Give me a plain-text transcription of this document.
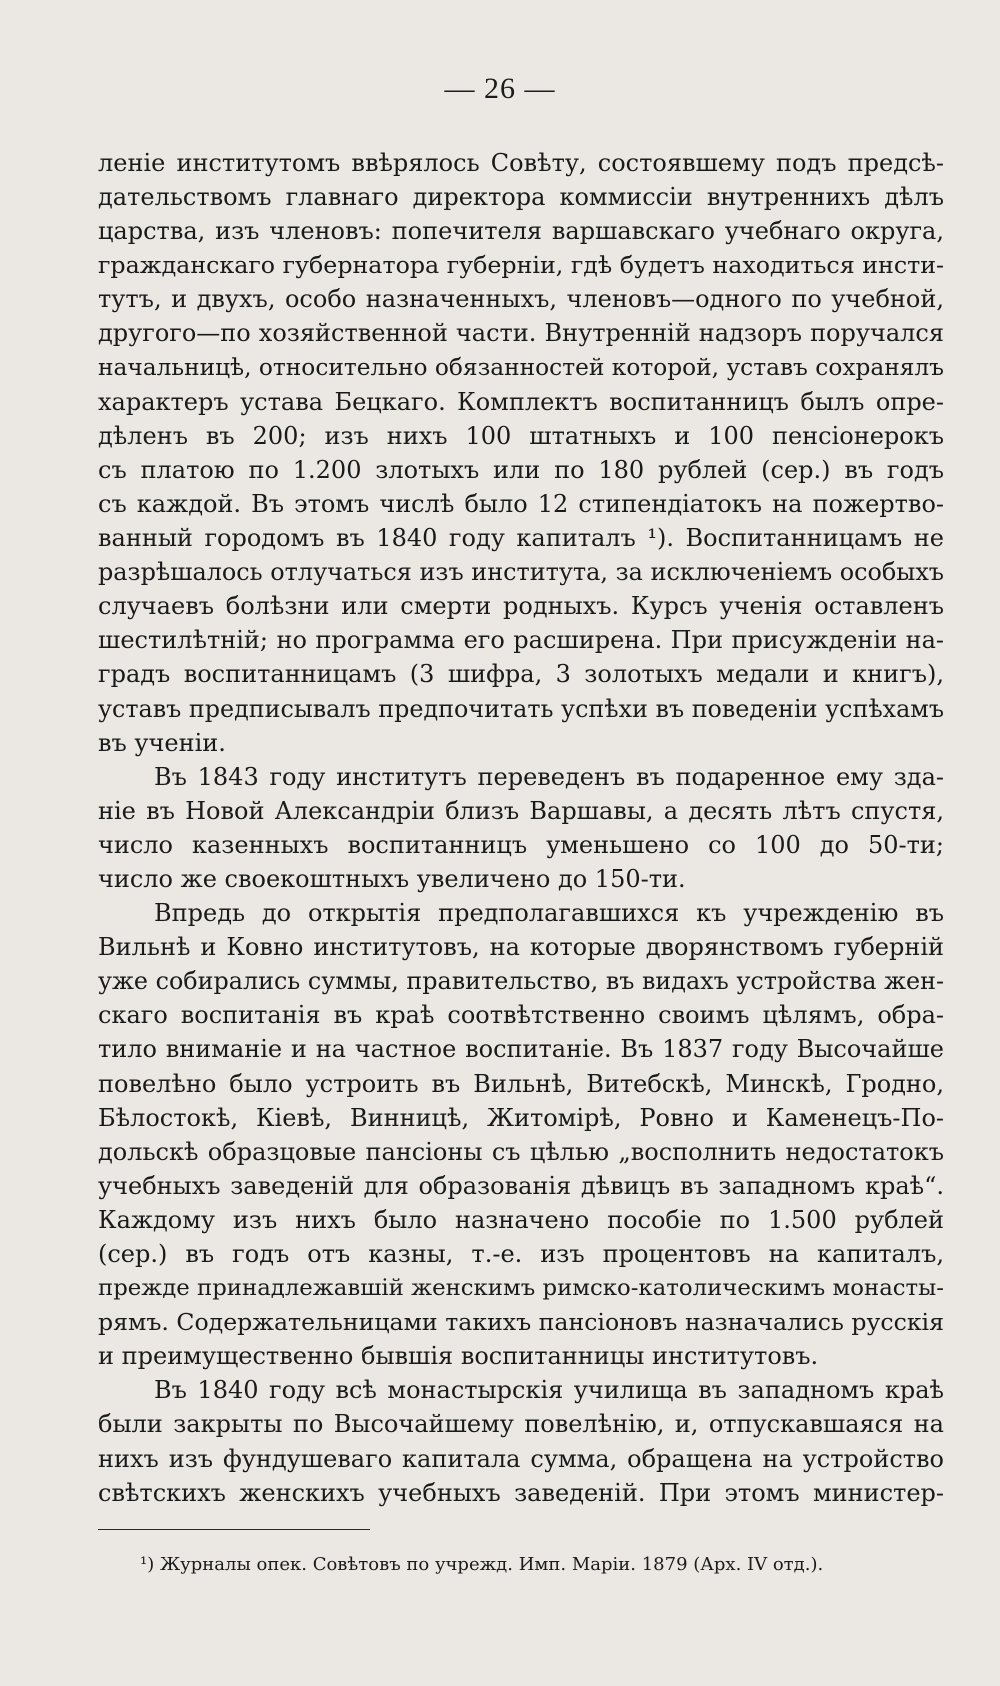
— 26 —
леніе институтомъ ввѣрялось Совѣту, состоявшему подъ предсѣ-
дательствомъ главнаго директора коммиссіи внутреннихъ дѣлъ
царства, изъ членовъ: попечителя варшавскаго учебнаго округа,
гражданскаго губернатора губерніи, гдѣ будетъ находиться инсти-
тутъ, и двухъ, особо назначенныхъ, членовъ—одного по учебной,
другого—по хозяйственной части. Внутренній надзоръ поручался
начальницѣ, относительно обязанностей которой, уставъ сохранялъ
характеръ устава Бецкаго. Комплектъ воспитанницъ былъ опре-
дѣленъ въ 200; изъ нихъ 100 штатныхъ и 100 пенсіонерокъ
съ платою по 1.200 злотыхъ или по 180 рублей (сер.) въ годъ
съ каждой. Въ этомъ числѣ было 12 стипендіатокъ на пожертво-
ванный городомъ въ 1840 году капиталъ ¹). Воспитанницамъ не
разрѣшалось отлучаться изъ института, за исключеніемъ особыхъ
случаевъ болѣзни или смерти родныхъ. Курсъ ученія оставленъ
шестилѣтній; но программа его расширена. При присужденіи на-
градъ воспитанницамъ (3 шифра, 3 золотыхъ медали и книгъ),
уставъ предписывалъ предпочитать успѣхи въ поведеніи успѣхамъ
въ ученіи.
Въ 1843 году институтъ переведенъ въ подаренное ему зда-
ніе въ Новой Александріи близъ Варшавы, а десять лѣтъ спустя,
число казенныхъ воспитанницъ уменьшено со 100 до 50-ти;
число же своекоштныхъ увеличено до 150-ти.
Впредь до открытія предполагавшихся къ учрежденію въ
Вильнѣ и Ковно институтовъ, на которые дворянствомъ губерній
уже собирались суммы, правительство, въ видахъ устройства жен-
скаго воспитанія въ краѣ соотвѣтственно своимъ цѣлямъ, обра-
тило вниманіе и на частное воспитаніе. Въ 1837 году Высочайше
повелѣно было устроить въ Вильнѣ, Витебскѣ, Минскѣ, Гродно,
Бѣлостокѣ, Кіевѣ, Винницѣ, Житомірѣ, Ровно и Каменецъ-По-
дольскѣ образцовые пансіоны съ цѣлью „восполнить недостатокъ
учебныхъ заведеній для образованія дѣвицъ въ западномъ краѣ“.
Каждому изъ нихъ было назначено пособіе по 1.500 рублей
(сер.) въ годъ отъ казны, т.-е. изъ процентовъ на капиталъ,
прежде принадлежавшій женскимъ римско-католическимъ монасты-
рямъ. Содержательницами такихъ пансіоновъ назначались русскія
и преимущественно бывшія воспитанницы институтовъ.
Въ 1840 году всѣ монастырскія училища въ западномъ краѣ
были закрыты по Высочайшему повелѣнію, и, отпускавшаяся на
нихъ изъ фундушеваго капитала сумма, обращена на устройство
свѣтскихъ женскихъ учебныхъ заведеній. При этомъ министер-
¹) Журналы опек. Совѣтовъ по учрежд. Имп. Маріи. 1879 (Арх. IV отд.).
